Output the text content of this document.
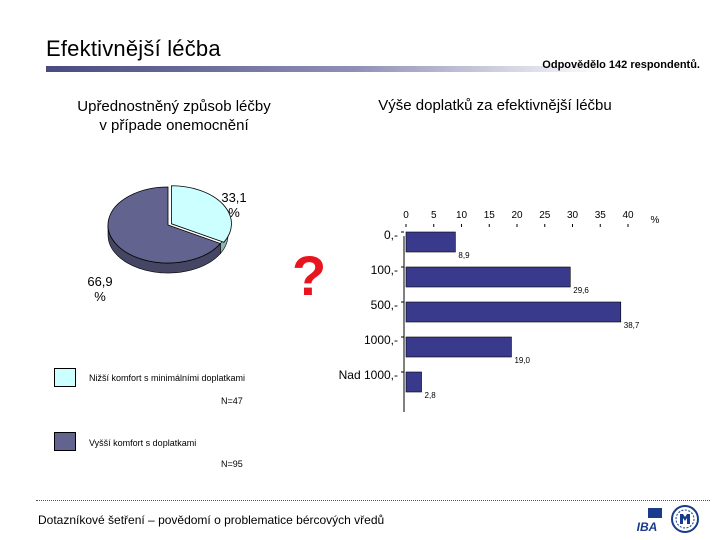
Efektivnější léčba
Odpovědělo 142 respondentů.
Upřednostněný způsob léčby
v případe onemocnění
33,1
%
66,9
%	?
Nižší komfort s minimálními doplatkami
N=47
Vyšší komfort s doplatkami
N=95
Výše doplatků za efektivnější léčbu
0 5 10 15 20 25 30 35 40 %
0,-
8,9
100,-
29,6
500,-
38,7
1000,-
19,0
Nad 1000,-
2,8
Dotazníkové šetření – povědomí o problematice bércových vředů	IBA
